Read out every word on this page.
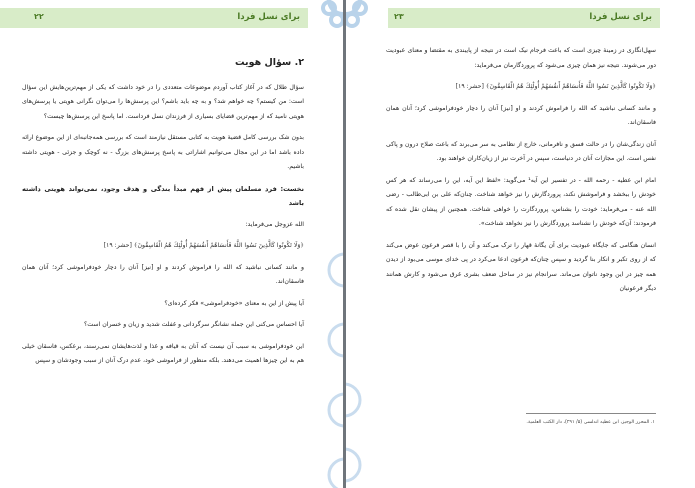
۲۲	برای نسل فردا

۲. سؤال هویت

سؤال طلال که در آغاز کتاب آوردم موضوعات متعددی را در خود داشت که یکی از مهم‌ترین‌هایش این سؤال است: من کیستم؟ چه خواهم شد؟ و به چه باید باشم؟ این پرسش‌ها را می‌توان نگرانی هویتی یا پرسش‌های هویتی نامید که از مهم‌ترین قضایای بسیاری از فرزندان نسل فرداست. اما پاسخ این پرسش‌ها چیست؟

بدون شک بررسی کامل قضیهٔ هویت به کتابی مستقل نیازمند است که بررسی همه‌جانبه‌ای از این موضوع ارائه داده باشد اما در این مجال می‌توانیم اشاراتی به پاسخ پرسش‌های بزرگ - نه کوچک و جزئی - هویتی داشته باشیم.

نخست: فرد مسلمان پیش از فهم مبدأ بندگی و هدف وجود، نمی‌تواند هویتی داشته باشد

الله عزوجل می‌فرماید:

﴿وَلَا تَكُونُوا كَالَّذِينَ نَسُوا اللَّهَ فَأَنسَاهُمْ أَنفُسَهُمْ أُولَٰئِكَ هُمُ الْفَاسِقُونَ﴾ [حشر: ۱۹]

و مانند کسانی نباشید که الله را فراموش کردند و او [نیز] آنان را دچار خودفراموشی کرد؛ آنان همان فاسقان‌اند.

آیا پیش از این به معنای «خودفراموشی» فکر کرده‌ای؟

آیا احساس می‌کنی این جمله نشانگر سرگردانی و غفلت شدید و زیان و خسران است؟

این خودفراموشی به سبب آن نیست که آنان به قیافه و غذا و لذت‌هایشان نمی‌رسند، برعکس، فاسقان خیلی هم به این چیزها اهمیت می‌دهند. بلکه منظور از فراموشی خود، عدم درک آنان از سبب وجودشان و سپس

۲۳	برای نسل فردا

سهل‌انگاری در زمینهٔ چیزی است که باعث فرجام نیک است در نتیجه از پایبندی به مقتضا و معنای عبودیت دور می‌شوند. نتیجه نیز همان چیزی می‌شود که پروردگارمان می‌فرماید:

﴿وَلَا تَكُونُوا كَالَّذِينَ نَسُوا اللَّهَ فَأَنسَاهُمْ أَنفُسَهُمْ أُولَٰئِكَ هُمُ الْفَاسِقُونَ﴾ [حشر: ۱۹]

و مانند کسانی نباشید که الله را فراموش کردند و او [نیز] آنان را دچار خودفراموشی کرد؛ آنان همان فاسقان‌اند.

آنان زندگی‌شان را در حالت فسق و نافرمانی، خارج از نظامی به سر می‌برند که باعث صلاح درون و پاکی نفس است. این مجازات آنان در دنیاست، سپس در آخرت نیز از زیان‌کاران خواهند بود.

امام ابن عطیه - رحمه الله - در تفسیر این آیه¹ می‌گوید: «لفظ این آیه، این را می‌رساند که هر کس خودش را ببخشد و فراموشش نکند، پروردگارش را نیز خواهد شناخت. چنان‌که علی بن ابی‌طالب - رضی الله عنه - می‌فرماید: خودت را بشناس، پروردگارت را خواهی شناخت. همچنین از پیشان نقل شده که فرمودند: آن‌که خودش را نشناسد پروردگارش را نیز نخواهد شناخت».

انسان هنگامی که جایگاه عبودیت برای آن یگانهٔ قهار را ترک می‌کند و آن را با قصر فرعون عوض می‌کند که از روی تکبر و انکار بنا گردید و سپس چنان‌که فرعون ادعا می‌کرد در پی خدای موسی می‌بود از دیدن همه چیز در این وجود ناتوان می‌ماند. سرانجام نیز در ساحل ضعف بشری غرق می‌شود و کارش همانند دیگر فرعونیان

۱. المحرر الوجیز، ابن عطیه اندلسی (۵/ ۲۹۱)، دار الکتب العلمیة.
